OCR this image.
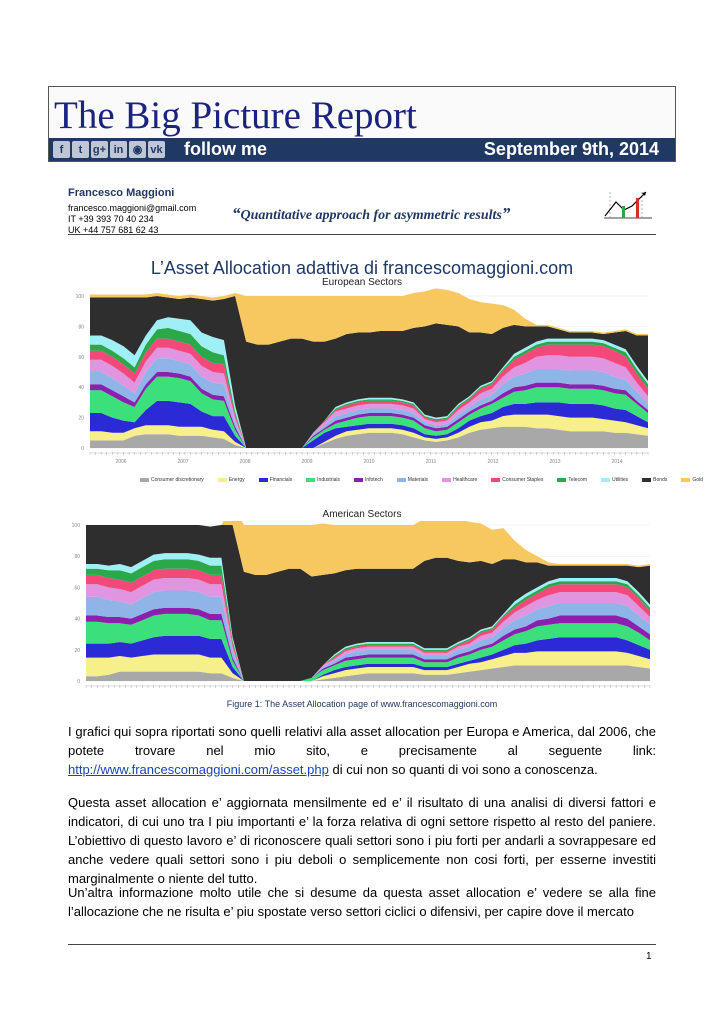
The Big Picture Report
f	t g+ in ◉ vk follow me	September 9th, 2014
Francesco Maggioni
francesco.maggioni@gmail.com
IT +39 393 70 40 234
UK +44 757 681 62 43
“Quantitative approach for asymmetric results”
L’Asset Allocation adattiva di francescomaggioni.com
European Sectors
100
80
60
40
20
0
2006	2007	2008	2009	2010	2011	2012	2013	2014
Consumer discretionary	Energy	Financials	Industrials	Infotech	Materials	Healthcare	Consumer Staples	Telecom	Utilities	Bonds	Gold
American Sectors
100
80
60
40
20
0
Figure 1: The Asset Allocation page of www.francescomaggioni.com
I grafici qui sopra riportati sono quelli relativi alla asset allocation per Europa e America, dal 2006, che potete trovare nel mio sito, e precisamente al seguente link: http://www.francescomaggioni.com/asset.php di cui non so quanti di voi sono a conoscenza.
Questa asset allocation e’ aggiornata mensilmente ed e’ il risultato di una analisi di diversi fattori e indicatori, di cui uno tra I piu importanti e’ la forza relativa di ogni settore rispetto al resto del paniere. L’obiettivo di questo lavoro e’ di riconoscere quali settori sono i piu forti per andarli a sovrappesare ed anche vedere quali settori sono i piu deboli o semplicemente non cosi forti, per esserne investiti marginalmente o niente del tutto.
Un’altra informazione molto utile che si desume da questa asset allocation e’ vedere se alla fine l’allocazione che ne risulta e’ piu spostate verso settori ciclici o difensivi, per capire dove il mercato
1
